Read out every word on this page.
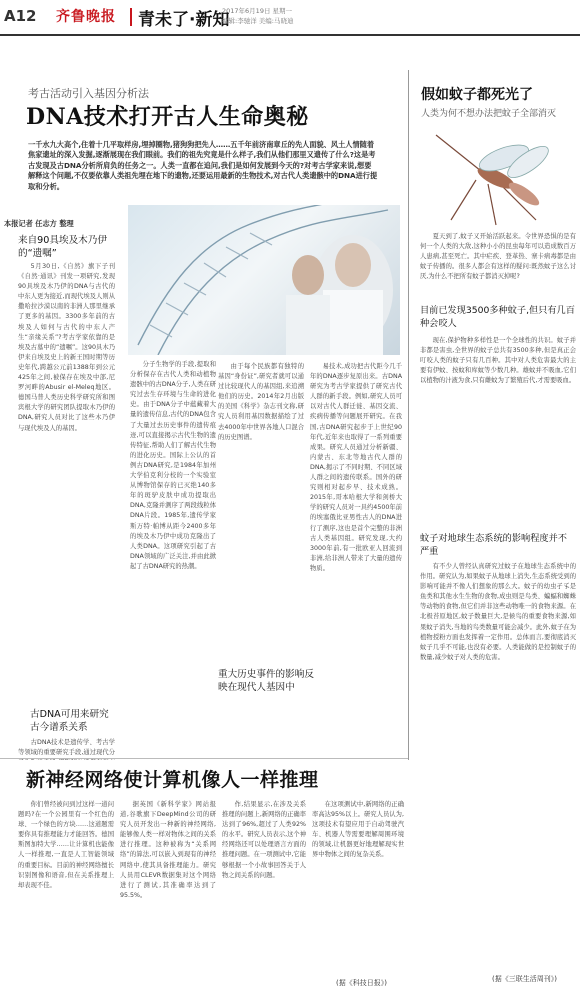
A12 齐鲁晚报 青未了·新知
2017年6月19日 星期一
编辑:李驰洋 美编:马晓迪
考古活动引入基因分析法
DNA技术打开古人生命奥秘
一千水九大高个,住着十几平取样房,埋掉圈物,猪狗狗把先人……五千年前济南章丘的先人面貌、风土人情随着焦家遗址的深入发掘,逐渐展现在我们眼前。我们的祖先究竟是什么样子,我们从他们那里又遗传了什么?这是考古发现及古DNA分析所肩负的任务之一。人类一直都在追问,我们是如何发展到今天的?对考古学家来说,想要解释这个问题,不仅要依靠人类祖先埋在地下的遗物,还要运用最新的生物技术,对古代人类遗骸中的DNA进行提取和分析。
本报记者 任志方 整理
来自90具埃及木乃伊的“遗嘱”

5月30日,《自然》旗下子刊《自然·通讯》刊发一项研究,发现90具埃及木乃伊的DNA与古代的中东人更为接近,而现代埃及人则从撒哈拉沙漠以南的非洲人那里继承了更多的基因。3300多年前的古埃及人如何与古代的中东人产生“亲缘关系”?考古学家依靠的是埃及古墓中的“遗嘱”。这90具木乃伊来自埃及史上的新王国时期等历史年代,跨越公元前1388年到公元425年之间,被保存在埃及中部,尼罗河畔的Abusir el-Meleq地区。德国马普人类历史科学研究所和图宾根大学的研究团队提取木乃伊的DNA,研究人员对比了这些木乃伊与现代埃及人的基因。

古DNA可用来研究古今谱系关系

古DNA技术是遗传学、考古学等领域的重要研究手段,通过现代分

分子生物学的手段,提取和分析保存在古代人类和动植物遗骸中的古DNA分子,人类在研究过去生存环境与生命的进化史。由于DNA分子中蕴藏着大量的遗传信息,古代的DNA包含了大量过去历史事件的遗传痕迹,可以直接揭示古代生物的遗传特征,帮助人们了解古代生物的进化历史。国际上公认的首例古DNA研究,是1984年加州大学伯克利分校的一个实验室从博物馆保存的已灭绝140多年的斑驴皮肤中成功提取出DNA,克隆并测序了两段线粒体DNA片段。1985年,遗传学家斯万特·帕博从距今2400多年的埃及木乃伊中成功克隆出了人类DNA。这项研究引起了古DNA领域的广泛关注,并由此掀起了古DNA研究的热潮。

重大历史事件的影响反映在现代人基因中

由于每个民族都有独特的基因“身份证”,研究者就可以通过比较现代人的基因组,来追溯他们的历史。2014年2月出版的美国《科学》杂志刊文称,研究人员利用基因数据描绘了过去4000年中世界各地人口混合的历史图谱。

易技术,成功把古代距今几千年的DNA逐步复原出来。古DNA研究为考古学家提供了研究古代人群的新手段。例如,研究人员可以对古代人群迁徙、基因交流、疾病传播等问题展开研究。在我国,古DNA研究起步于上世纪90年代,近年来也取得了一系列重要成果。研究人员通过分析新疆、内蒙古、东北等地古代人群的DNA,揭示了不同时期、不同区域人群之间的遗传联系。国外的研究则相对起步早、技术成熟。2015年,哥本哈根大学和剑桥大学的研究人员对一具约4500年前的埃塞俄比亚男性古人的DNA进行了测序,这也是首个完整的非洲古人类基因组。研究发现,大约3000年前,有一批欧亚人回流到非洲,给非洲人带来了大量的遗传物质。

假如蚊子都死光了
人类为何不想办法把蚊子全部消灭

夏天到了,蚊子又开始活跃起来。令世界恐惧的是有何一个人类的大敌,这种小小的昆虫每年可以造成数百万人患病,甚至死亡。其中疟疾、登革热、寨卡病毒都是由蚊子传播的。很多人都会有这样的疑问:既然蚊子这么讨厌,为什么不把所有蚊子都消灭掉呢?

目前已发现3500多种蚊子,但只有几百种会咬人

现在,保护物种多样性是一个全球性的共识。蚊子并非都是害虫,全世界的蚊子总共有3500多种,但是真正会叮咬人类的蚊子只有几百种。其中对人类危害最大的主要有伊蚊、按蚊和库蚊等少数几种。雄蚊并不吸血,它们以植物的汁液为食,只有雌蚊为了繁殖后代,才需要吸血。

蚊子对地球生态系统的影响程度并不严重

有不少人曾经认真研究过蚊子在地球生态系统中的作用。研究认为,如果蚊子从地球上消失,生态系统受到的影响可能并不像人们想象的那么大。蚊子的幼虫孑孓是鱼类和其他水生生物的食物,成虫则是鸟类、蝙蝠和蜘蛛等动物的食物,但它们并非这些动物唯一的食物来源。在北极苔原地区,蚊子数量巨大,是候鸟的重要食物来源,如果蚊子消失,当地的鸟类数量可能会减少。此外,蚊子在为植物授粉方面也发挥着一定作用。总体而言,要彻底消灭蚊子几乎不可能,也没有必要。人类能做的是控制蚊子的数量,减少蚊子对人类的危害。

(据《三联生活周刊》)
新神经网络使计算机像人一样推理

你们曾经被问到过这样一道问题吗?在一个公园里有一个红色的球、一个绿色的方块……这道题需要你具有推理能力才能回答。德国斯图加特大学……让计算机也能像人一样推理,一直是人工智能领域的重要目标。目前的神经网络擅长识别图像和语音,但在关系推理上却表现不佳。

据英国《新科学家》网站报道,谷歌旗下DeepMind公司的研究人员开发出一种新的神经网络,能够像人类一样对物体之间的关系进行推理。这种被称为“关系网络”的算法,可以嵌入到现有的神经网络中,使其具备推理能力。研究人员用CLEVR数据集对这个网络进行了测试,其准确率达到了95.5%。

作,结果显示,在涉及关系推理的问题上,新网络的正确率达到了96%,超过了人类92%的水平。研究人员表示,这个神经网络还可以处理语言方面的推理问题。在一项测试中,它能够根据一个小故事回答关于人物之间关系的问题。

在这项测试中,新网络的正确率高达95%以上。研究人员认为,这项技术有望应用于自动驾驶汽车、机器人等需要理解周围环境的领域,让机器更好地理解现实世界中物体之间的复杂关系。

(据《科技日报》)
